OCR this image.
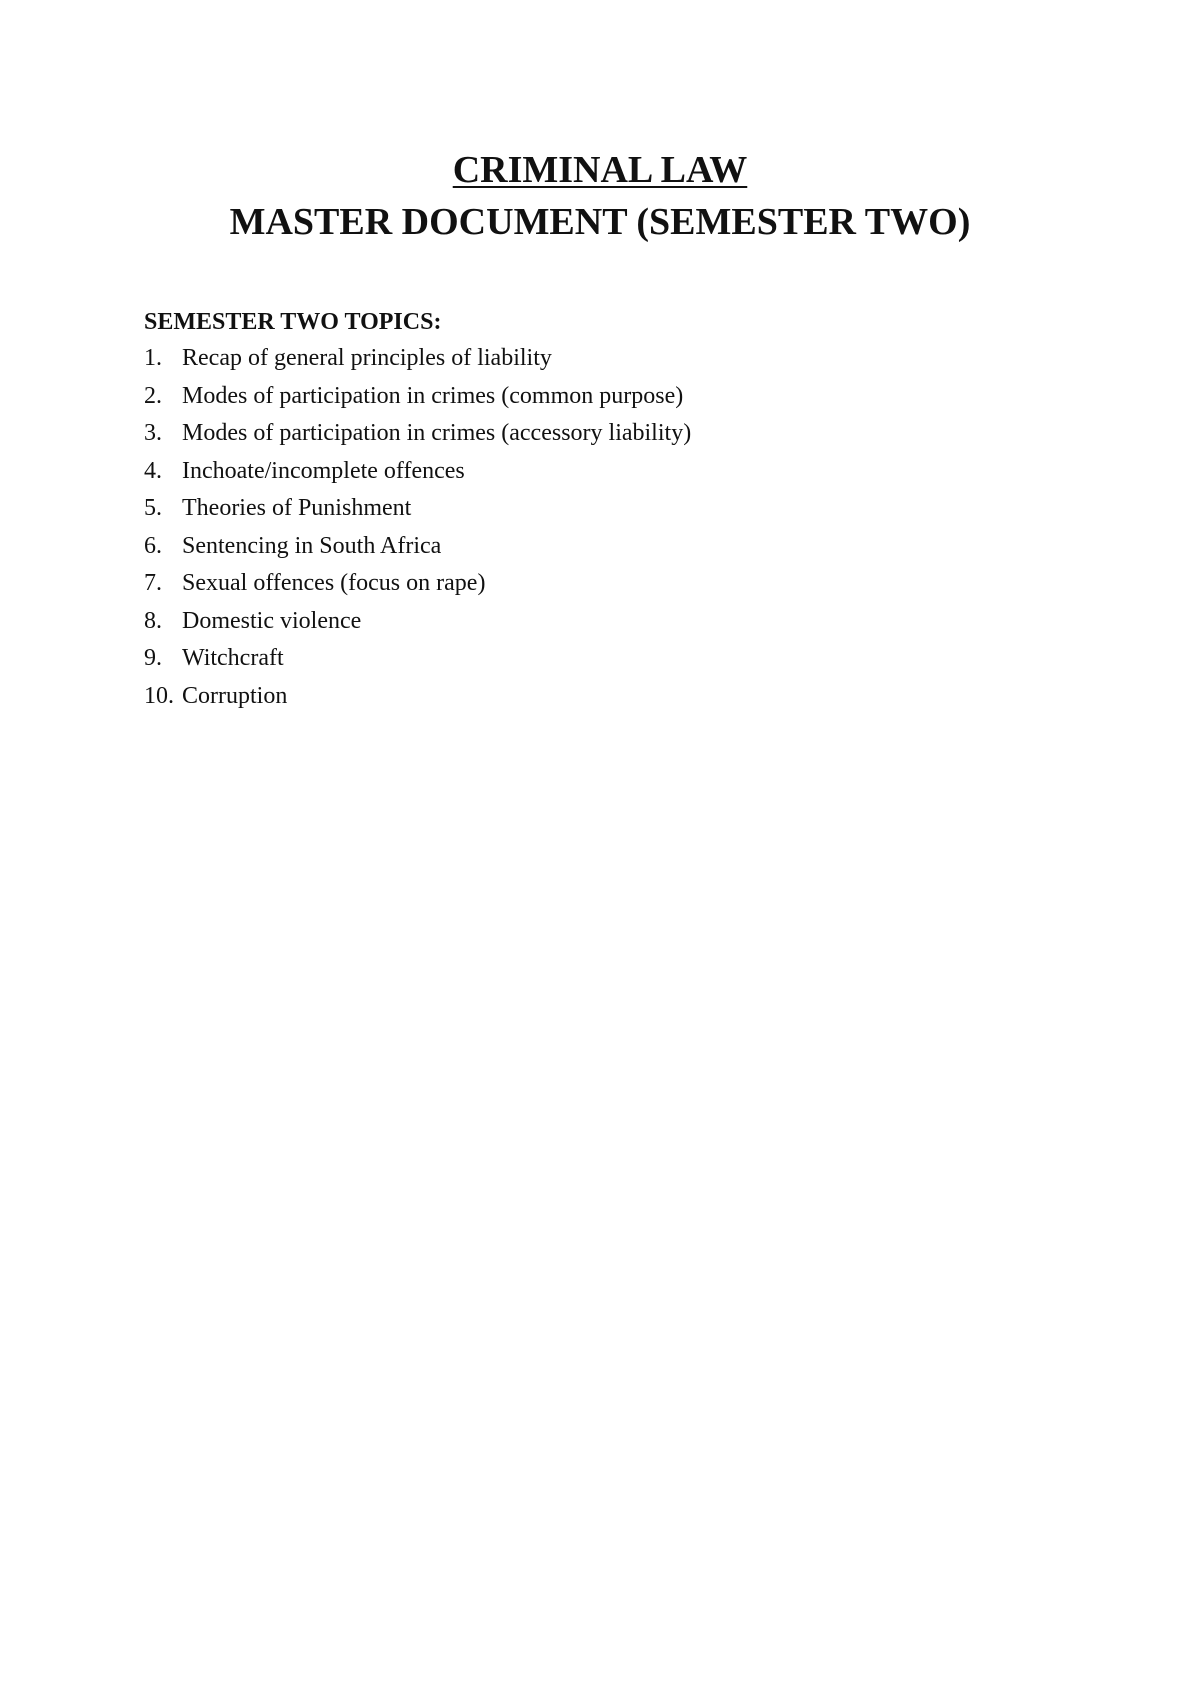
CRIMINAL LAW
MASTER DOCUMENT (SEMESTER TWO)
SEMESTER TWO TOPICS:
1. Recap of general principles of liability
2. Modes of participation in crimes (common purpose)
3. Modes of participation in crimes (accessory liability)
4. Inchoate/incomplete offences
5. Theories of Punishment
6. Sentencing in South Africa
7. Sexual offences (focus on rape)
8. Domestic violence
9. Witchcraft
10. Corruption
